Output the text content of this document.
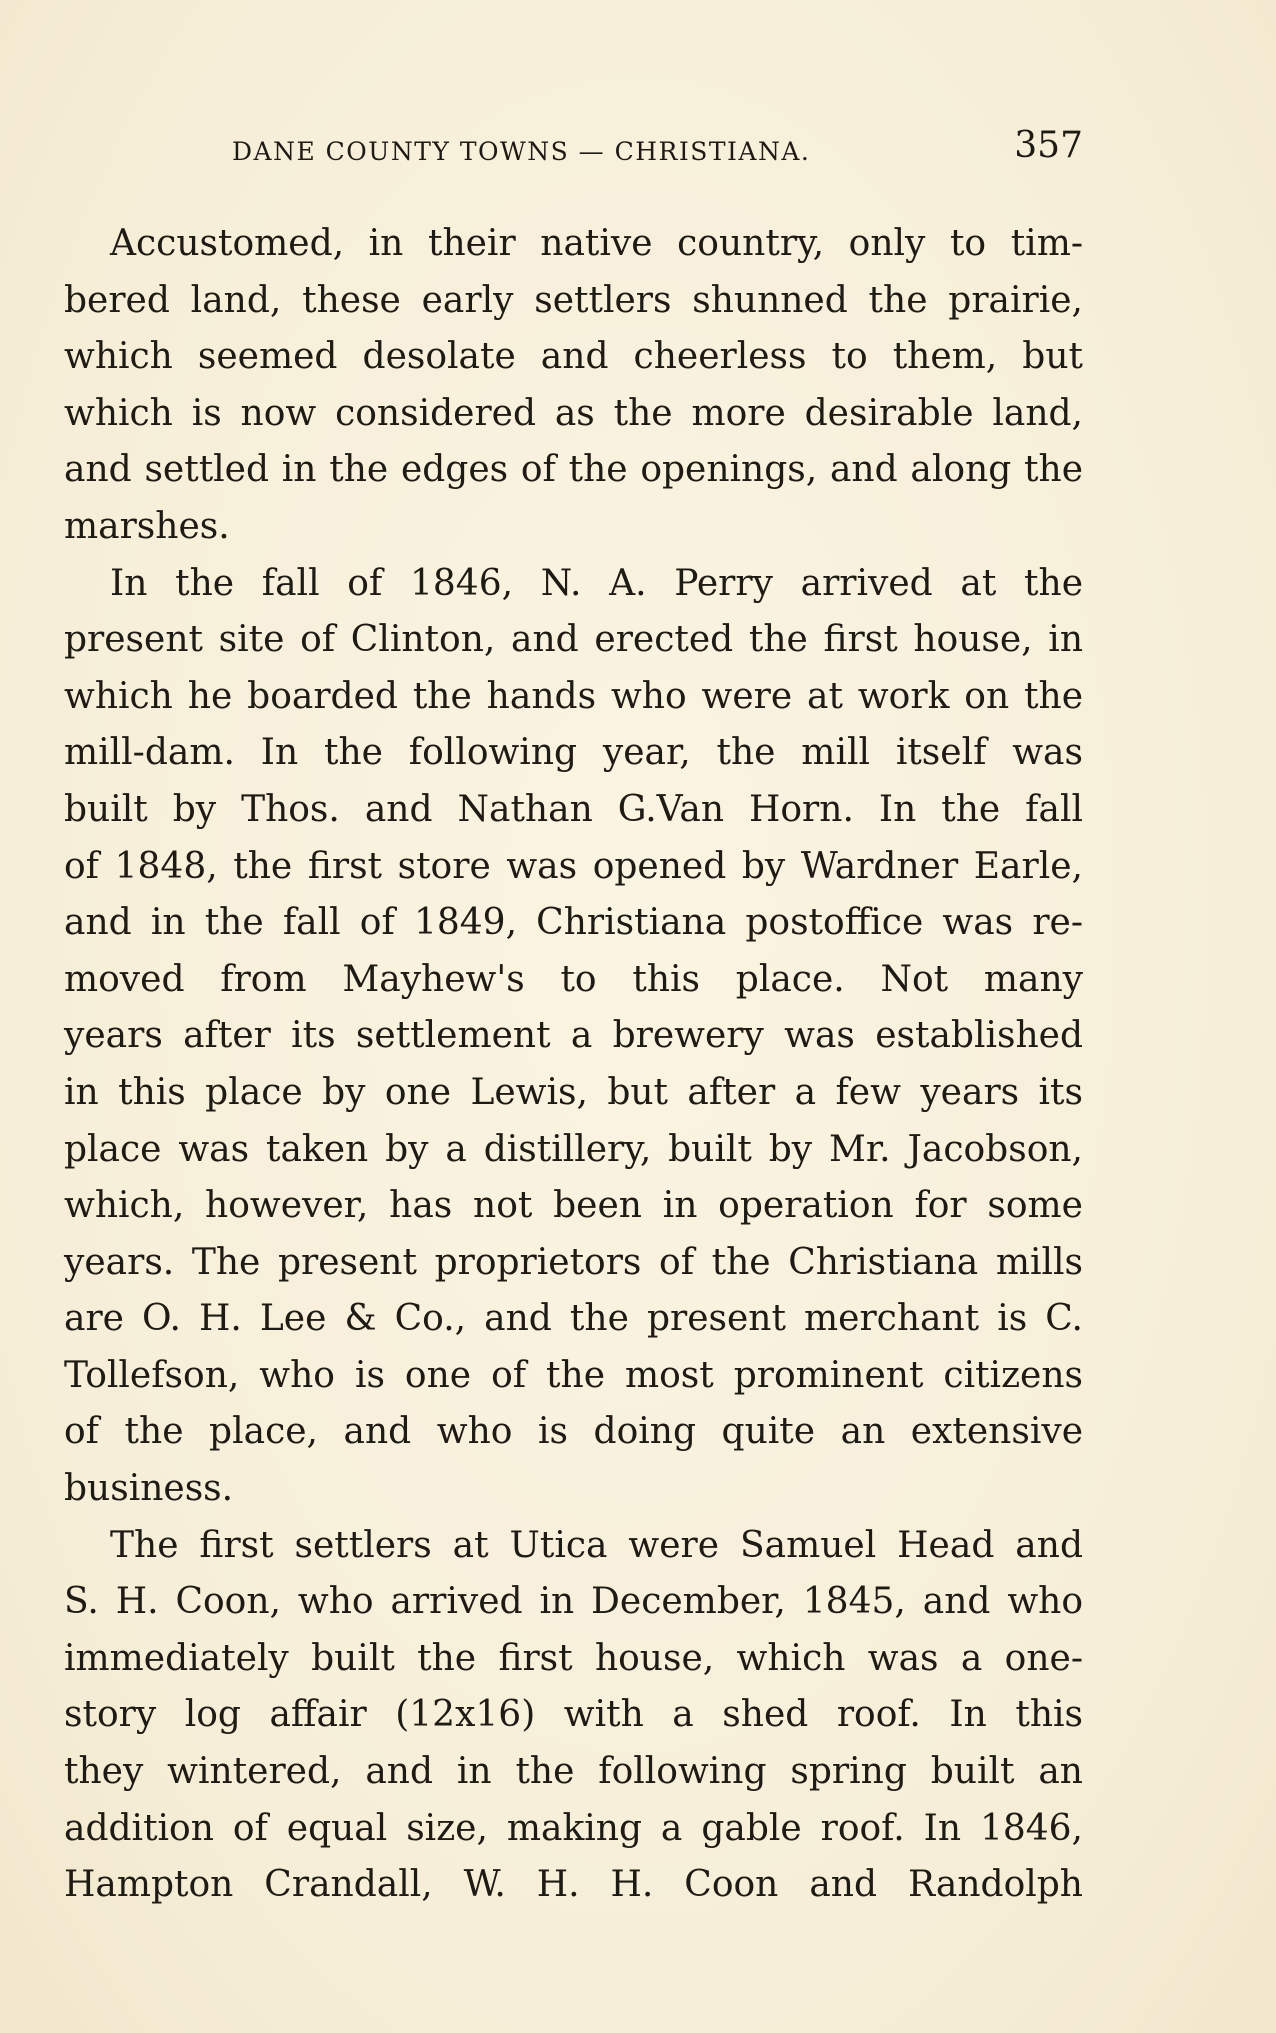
DANE COUNTY TOWNS — CHRISTIANA.	357
Accustomed, in their native country, only to tim-
bered land, these early settlers shunned the prairie,
which seemed desolate and cheerless to them, but
which is now considered as the more desirable land,
and settled in the edges of the openings, and along the
marshes.
In the fall of 1846, N. A. Perry arrived at the
present site of Clinton, and erected the first house, in
which he boarded the hands who were at work on the
mill-dam. In the following year, the mill itself was
built by Thos. and Nathan G.Van Horn. In the fall
of 1848, the first store was opened by Wardner Earle,
and in the fall of 1849, Christiana postoffice was re-
moved from Mayhew's to this place. Not many
years after its settlement a brewery was established
in this place by one Lewis, but after a few years its
place was taken by a distillery, built by Mr. Jacobson,
which, however, has not been in operation for some
years. The present proprietors of the Christiana mills
are O. H. Lee & Co., and the present merchant is C.
Tollefson, who is one of the most prominent citizens
of the place, and who is doing quite an extensive
business.
The first settlers at Utica were Samuel Head and
S. H. Coon, who arrived in December, 1845, and who
immediately built the first house, which was a one-
story log affair (12x16) with a shed roof. In this
they wintered, and in the following spring built an
addition of equal size, making a gable roof. In 1846,
Hampton Crandall, W. H. H. Coon and Randolph
